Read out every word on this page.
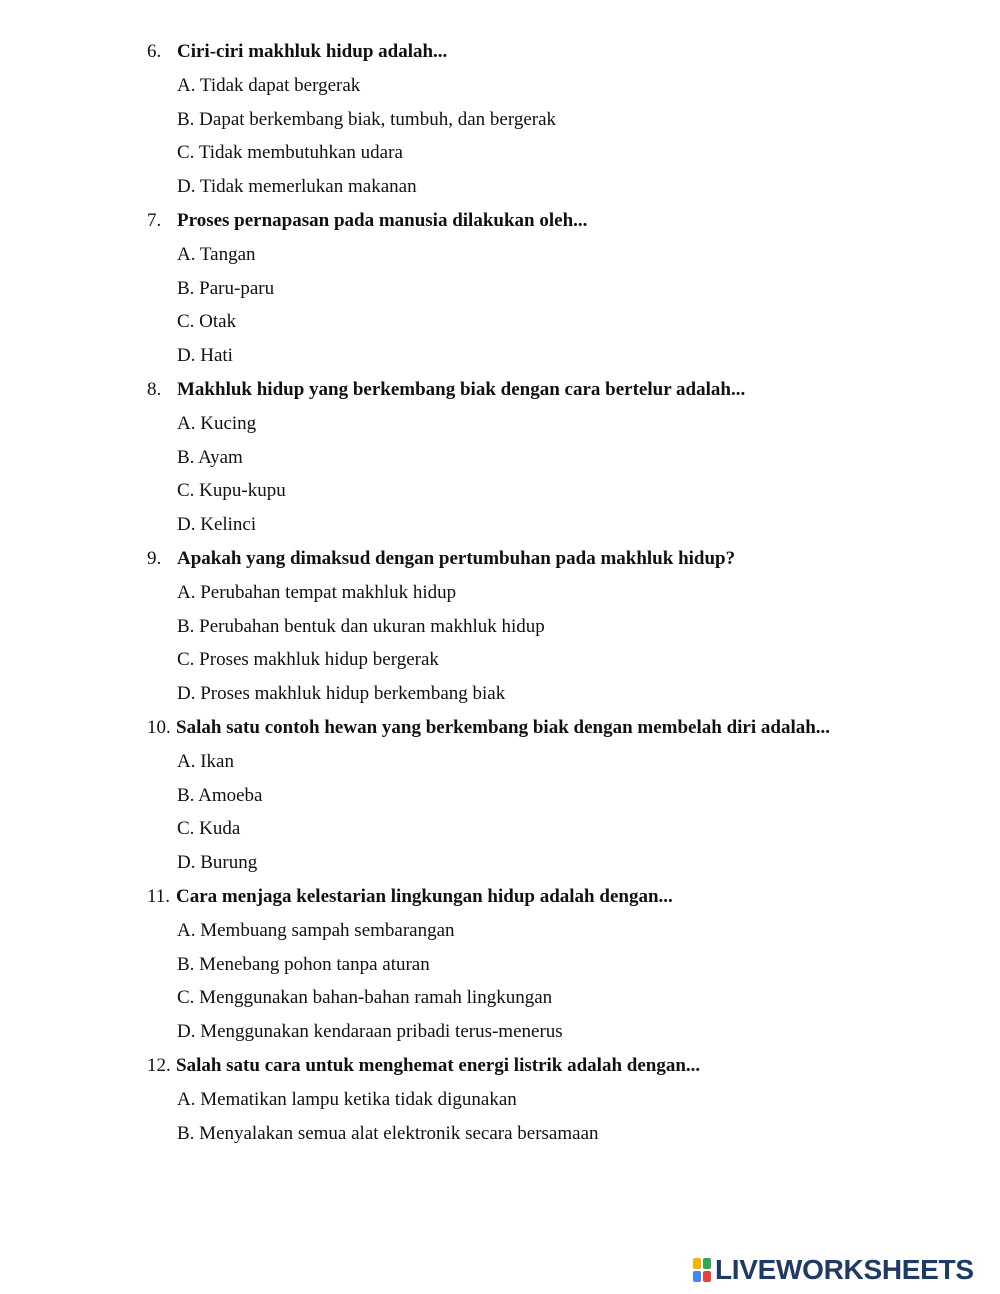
6. Ciri-ciri makhluk hidup adalah...
A. Tidak dapat bergerak
B. Dapat berkembang biak, tumbuh, dan bergerak
C. Tidak membutuhkan udara
D. Tidak memerlukan makanan
7. Proses pernapasan pada manusia dilakukan oleh...
A. Tangan
B. Paru-paru
C. Otak
D. Hati
8. Makhluk hidup yang berkembang biak dengan cara bertelur adalah...
A. Kucing
B. Ayam
C. Kupu-kupu
D. Kelinci
9. Apakah yang dimaksud dengan pertumbuhan pada makhluk hidup?
A. Perubahan tempat makhluk hidup
B. Perubahan bentuk dan ukuran makhluk hidup
C. Proses makhluk hidup bergerak
D. Proses makhluk hidup berkembang biak
10. Salah satu contoh hewan yang berkembang biak dengan membelah diri adalah...
A. Ikan
B. Amoeba
C. Kuda
D. Burung
11. Cara menjaga kelestarian lingkungan hidup adalah dengan...
A. Membuang sampah sembarangan
B. Menebang pohon tanpa aturan
C. Menggunakan bahan-bahan ramah lingkungan
D. Menggunakan kendaraan pribadi terus-menerus
12. Salah satu cara untuk menghemat energi listrik adalah dengan...
A. Mematikan lampu ketika tidak digunakan
B. Menyalakan semua alat elektronik secara bersamaan
LIVEWORKSHEETS
